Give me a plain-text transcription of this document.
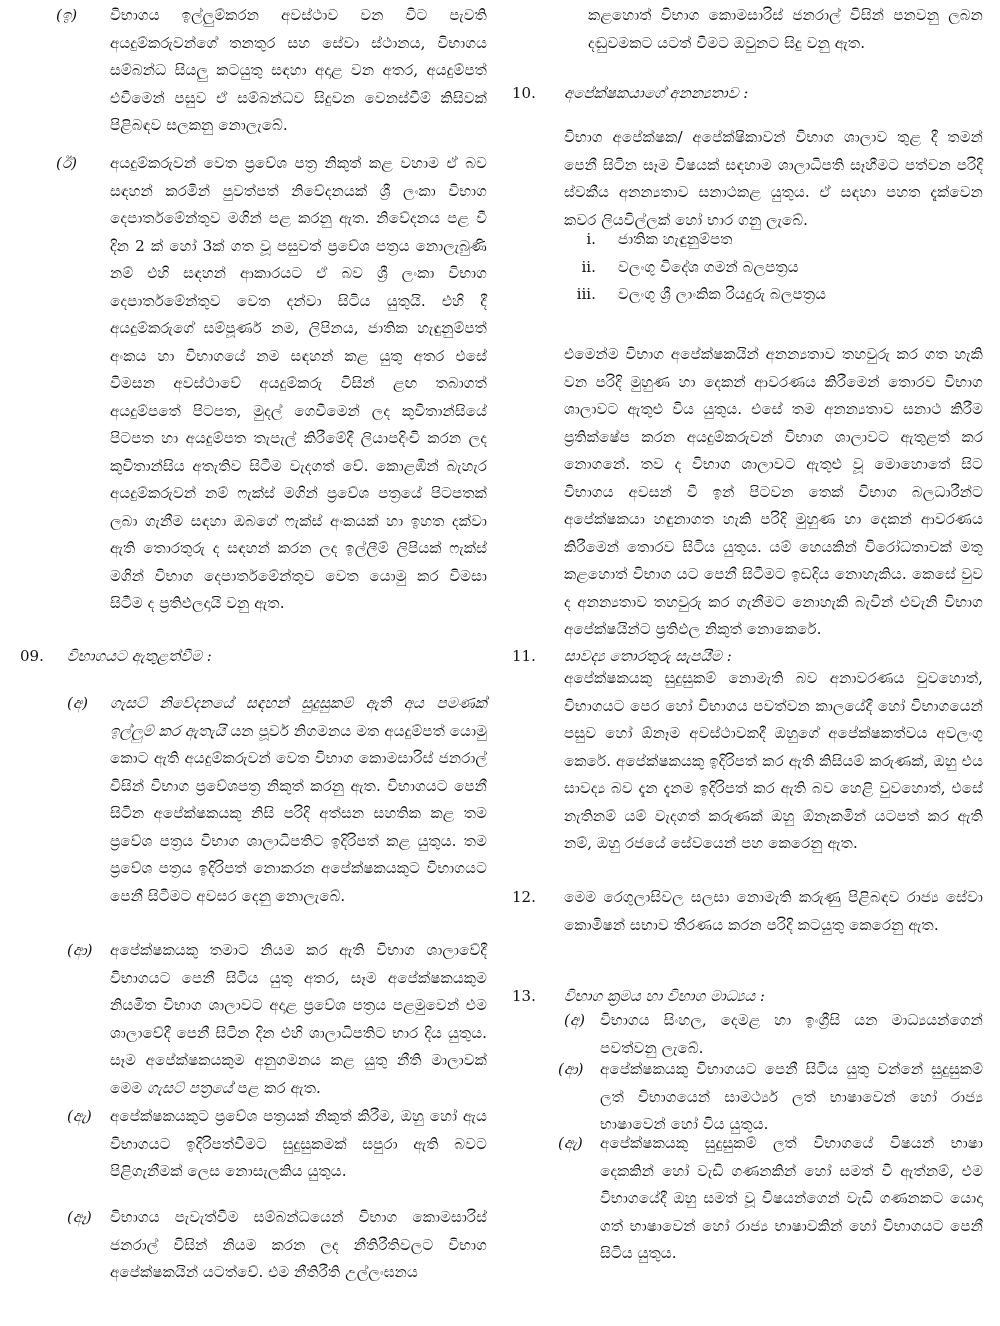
(ඉ) විභාගය ඉල්ලුම්කරන අවස්ථාව වන විට පැවති අයදුම්කරුවන්ගේ තනතුර සහ සේවා ස්ථානය, විභාගය සම්බන්ධ සියලු කටයුතු සඳහා අදාළ වන අතර, අයදුම්පත් එවීමෙන් පසුව ඒ සම්බන්ධව සිදුවන වෙනස්වීම් කිසිවක් පිළිබඳව සලකනු නොලැබේ.

(ඊ) අයදුම්කරුවන් වෙත ප්‍රවේශ පත්‍ර නිකුත් කළ වහාම ඒ බව සඳහන් කරමින් පුවත්පත් නිවේදනයක් ශ්‍රී ලංකා විභාග දෙපාර්තමේන්තුව මගින් පළ කරනු ඇත. නිවේදනය පළ වී දින 2 ක් හෝ 3ක් ගත වූ පසුවත් ප්‍රවේශ පත්‍රය නොලැබුණි නම් එහි සඳහන් ආකාරයට ඒ බව ශ්‍රී ලංකා විභාග දෙපාර්තමේන්තුව වෙත දන්වා සිටිය යුතුයි. එහි දී අයදුම්කරුගේ සම්පූර්ණ නම, ලිපිනය, ජාතික හැඳුනුම්පත් අංකය හා විභාගයේ නම සඳහන් කළ යුතු අතර එසේ විමසන අවස්ථාවේ අයදුම්කරු විසින් ළඟ තබාගත් අයදුම්පතේ පිටපත, මුදල් ගෙවීමෙන් ලද කුවිතාන්සියේ පිටපත හා අයදුම්පත තැපැල් කිරීමේදී ලියාපදිංචි කරන ලද කුවිතාන්සිය අතැතිව සිටීම වැදගත් වේ. කොළඹින් බැහැර අයදුම්කරුවන් නම් ෆැක්ස් මගින් ප්‍රවේශ පත්‍රයේ පිටපතක් ලබා ගැනීම සඳහා ඔබගේ ෆැක්ස් අංකයක් හා ඉහත දක්වා ඇති තොරතුරු ද සඳහන් කරන ලද ඉල්ලීම් ලිපියක් ෆැක්ස් මගින් විභාග දෙපාර්තමේන්තුව වෙත යොමු කර විමසා සිටීම ද ප්‍රතිඵලදායි වනු ඇත.

09. විභාගයට ඇතුළත්වීම :
(අ) ගැසට් නිවේදනයේ සඳහන් සුදුසුකම් ඇති අය පමණක් ඉල්ලුම් කර ඇතැයි යන පූර්ව නිගමනය මත අයදුම්පත් යොමු කොට ඇති අයදුම්කරුවන් වෙත විභාග කොමසාරිස් ජනරාල් විසින් විභාග ප්‍රවේශපත්‍ර නිකුත් කරනු ඇත. විභාගයට පෙනී සිටින අපේක්ෂකයකු නිසි පරිදි අත්සන සහතික කළ තම ප්‍රවේශ පත්‍රය විභාග ශාලාධිපතිට ඉදිරිපත් කළ යුතුය. තම ප්‍රවේශ පත්‍රය ඉදිරිපත් නොකරන අපේක්ෂකයකුට විභාගයට පෙනී සිටීමට අවසර දෙනු නොලැබේ.

(ආ) අපේක්ෂකයකු තමාට නියම කර ඇති විභාග ශාලාවේදී විභාගයට පෙනී සිටිය යුතු අතර, සෑම අපේක්ෂකයකුම නියමිත විභාග ශාලාවට අදාළ ප්‍රවේශ පත්‍රය පළමුවෙන් එම ශාලාවේදී පෙනී සිටින දින එහි ශාලාධිපතිට භාර දිය යුතුය. සෑම අපේක්ෂකයකුම අනුගමනය කළ යුතු නීති මාලාවක් මෙම ගැසට් පත්‍රයේ පළ කර ඇත.

(ඇ) අපේක්ෂකයකුට ප්‍රවේශ පත්‍රයක් නිකුත් කිරීම, ඔහු හෝ ඇය විභාගයට ඉදිරිපත්වීමට සුදුසුකමක් සපුරා ඇති බවට පිළිගැනීමක් ලෙස නොසැලකිය යුතුය.

(ඈ) විභාගය පැවැත්වීම සම්බන්ධයෙන් විභාග කොමසාරිස් ජනරාල් විසින් නියම කරන ලද නීතිරීතිවලට විභාග අපේක්ෂකයින් යටත්වේ. එම නීතිරීති උල්ලංඝනය

කළහොත් විභාග කොමසාරිස් ජනරාල් විසින් පනවනු ලබන දඬුවමකට යටත් වීමට ඔවුනට සිදු වනු ඇත.

10. අපේක්ෂකයාගේ අනන්‍යතාව :

විභාග අපේක්ෂක/ අපේක්ෂිකාවන් විභාග ශාලාව තුළ දී තමන් පෙනී සිටින සෑම විෂයක් සඳහාම ශාලාධිපති සෑහීමට පත්වන පරිදි ස්වකීය අනන්‍යතාව සනාථකළ යුතුය. ඒ සඳහා පහත දැක්වෙන කවර ලියවිල්ලක් හෝ භාර ගනු ලැබේ.

i. ජාතික හැඳුනුම්පත
ii. වලංගු විදේශ ගමන් බලපත්‍රය
iii. වලංගු ශ්‍රී ලාංකික රියදුරු බලපත්‍රය

එමෙන්ම විභාග අපේක්ෂකයින් අනන්‍යතාව තහවුරු කර ගත හැකි වන පරිදි මුහුණ හා දෙකන් ආවරණය කිරීමෙන් තොරව විභාග ශාලාවට ඇතුළු විය යුතුය. එසේ තම අනන්‍යතාව සනාථ කිරීම ප්‍රතික්ෂේප කරන අයදුම්කරුවන් විභාග ශාලාවට ඇතුළත් කර නොගනේ. තව ද විභාග ශාලාවට ඇතුළු වූ මොහොතේ සිට විභාගය අවසන් වී ඉන් පිටවන තෙක් විභාග බලධාරීන්ට අපේක්ෂකයා හඳුනාගත හැකි පරිදි මුහුණ හා දෙකන් ආවරණය කිරීමෙන් තොරව සිටිය යුතුය. යම් හෙයකින් විරෝධතාවක් මතු කළහොත් විභාග යට පෙනී සිටීමට ඉඩදිය නොහැකිය. කෙසේ වුව ද අනන්‍යතාව තහවුරු කර ගැනීමට නොහැකි බැවින් එවැනි විභාග අපේක්ෂයින්ට ප්‍රතිඵල නිකුත් නොකෙරේ.

11. සාවද්‍ය තොරතුරු සැපයීම :

අපේක්ෂකයකු සුදුසුකම් නොමැති බව අනාවරණය වුවහොත්, විභාගයට පෙර හෝ විභාගය පවත්වන කාලයේදී හෝ විභාගයෙන් පසුව හෝ ඕනෑම අවස්ථාවකදී ඔහුගේ අපේක්ෂකත්වය අවලංගු කෙරේ. අපේක්ෂකයකු ඉදිරිපත් කර ඇති කිසියම් කරුණක්, ඔහු එය සාවද්‍ය බව දැන දැනම ඉදිරිපත් කර ඇති බව හෙළි වුවහොත්, එසේ නැතිනම් යම් වැදගත් කරුණක් ඔහු ඕනෑකමින් යටපත් කර ඇති නම්, ඔහු රජයේ සේවයෙන් පහ කෙරෙනු ඇත.

12. මෙම රෙගුලාසිවල සලසා නොමැති කරුණු පිළිබඳව රාජ්‍ය සේවා කොමිෂන් සභාව තීරණය කරන පරිදි කටයුතු කෙරෙනු ඇත.

13. විභාග ක්‍රමය හා විභාග මාධ්‍යය :
(අ) විභාගය සිංහල, දෙමළ හා ඉංග්‍රීසි යන මාධ්‍යයන්ගෙන් පවත්වනු ලැබේ.

(ආ) අපේක්ෂකයකු විභාගයට පෙනී සිටිය යුතු වන්නේ සුදුසුකම් ලත් විභාගයෙන් සාමර්ථ්‍ය ලත් භාෂාවෙන් හෝ රාජ්‍ය භාෂාවෙන් හෝ විය යුතුය.

(ඇ) අපේක්ෂකයකු සුදුසුකම් ලත් විභාගයේ විෂයන් භාෂා දෙකකින් හෝ වැඩි ගණනකින් හෝ සමත් වී ඇත්නම්, එම විභාගයේදී ඔහු සමත් වූ විෂයන්ගෙන් වැඩි ගණනකට යොදා ගත් භාෂාවෙන් හෝ රාජ්‍ය භාෂාවකින් හෝ විභාගයට පෙනී සිටිය යුතුය.
